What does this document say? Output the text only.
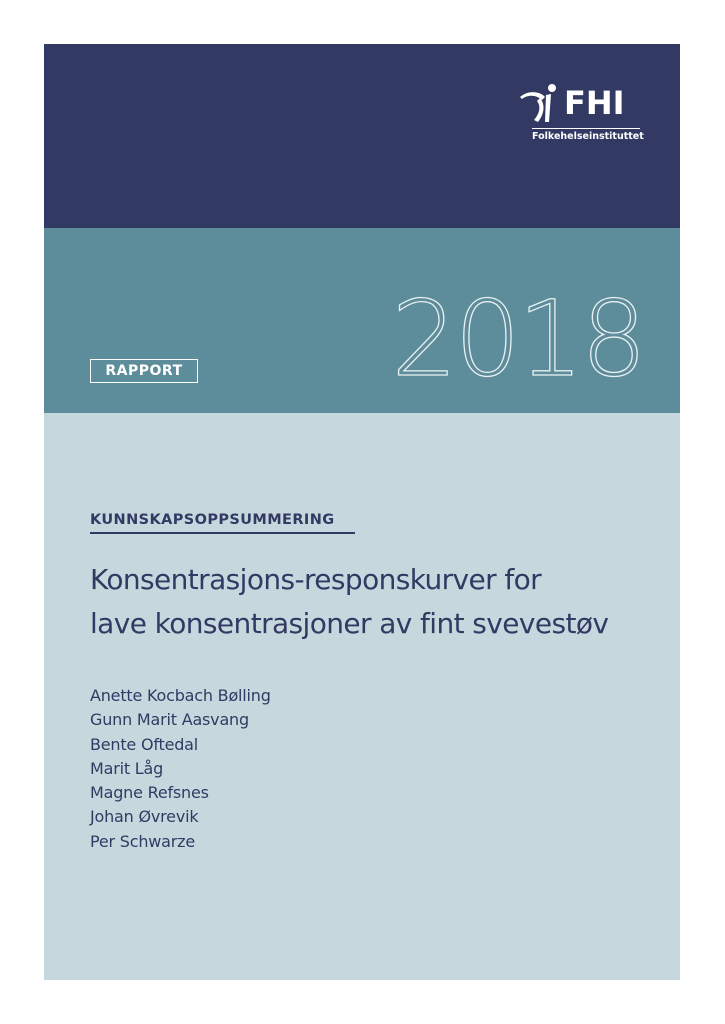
FHI
Folkehelseinstituttet
RAPPORT 2018
KUNNSKAPSOPPSUMMERING
Konsentrasjons-responskurver for
lave konsentrasjoner av fint svevestøv
Anette Kocbach Bølling
Gunn Marit Aasvang
Bente Oftedal
Marit Låg
Magne Refsnes
Johan Øvrevik
Per Schwarze
